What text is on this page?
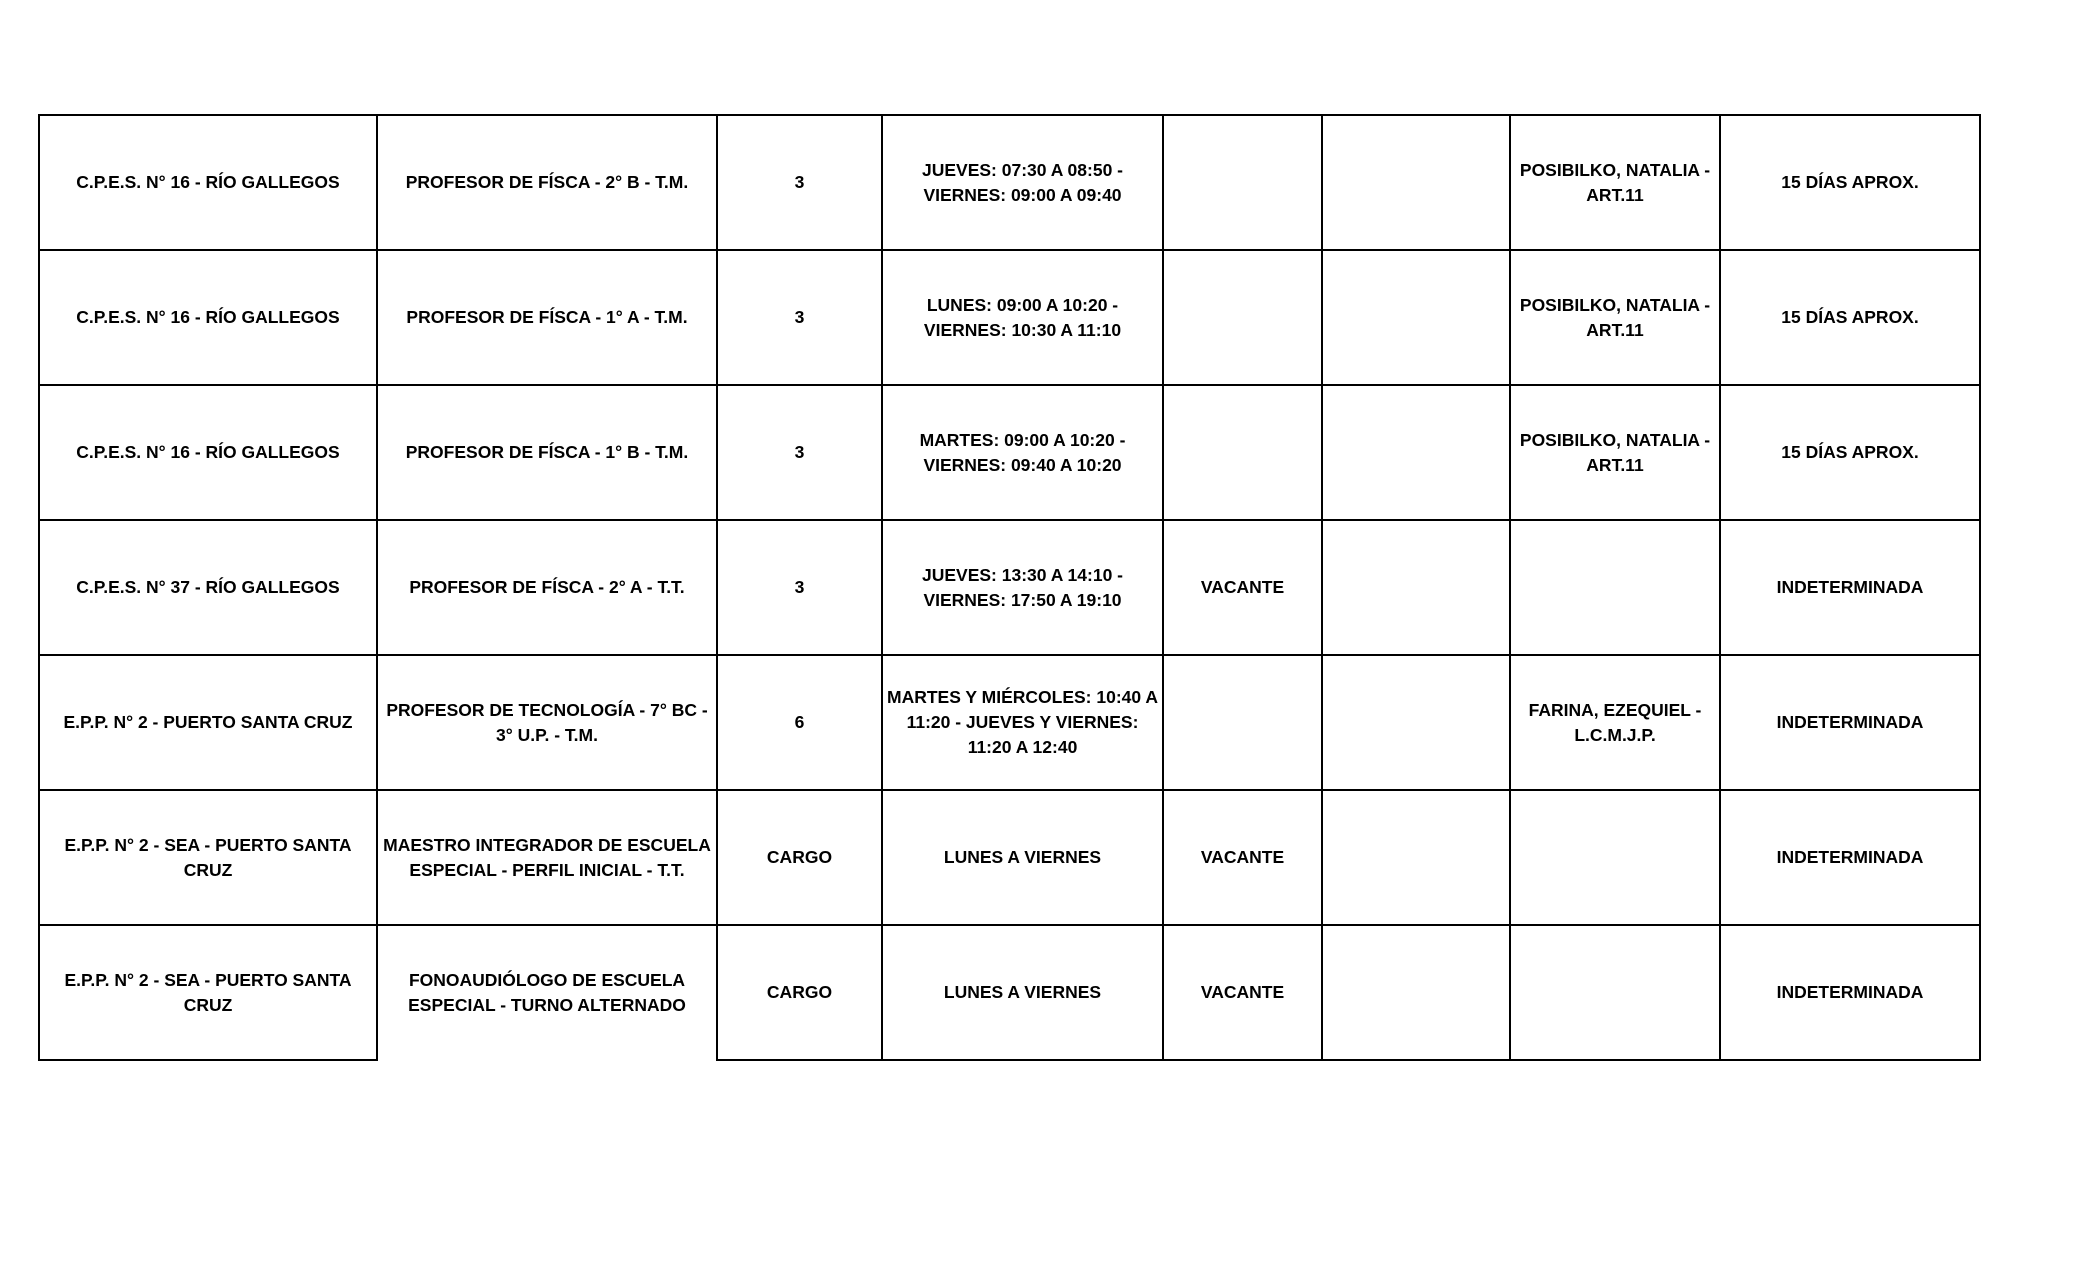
C.P.E.S. N° 16 - RÍO GALLEGOS	PROFESOR DE FÍSCA - 2° B - T.M.	3	JUEVES: 07:30 A 08:50 - VIERNES: 09:00 A 09:40			POSIBILKO, NATALIA - ART.11	15 DÍAS APROX.
C.P.E.S. N° 16 - RÍO GALLEGOS	PROFESOR DE FÍSCA - 1° A - T.M.	3	LUNES: 09:00 A 10:20 - VIERNES: 10:30 A 11:10			POSIBILKO, NATALIA - ART.11	15 DÍAS APROX.
C.P.E.S. N° 16 - RÍO GALLEGOS	PROFESOR DE FÍSCA - 1° B - T.M.	3	MARTES: 09:00 A 10:20 - VIERNES: 09:40 A 10:20			POSIBILKO, NATALIA - ART.11	15 DÍAS APROX.
C.P.E.S. N° 37 - RÍO GALLEGOS	PROFESOR DE FÍSCA - 2° A - T.T.	3	JUEVES: 13:30 A 14:10 - VIERNES: 17:50 A 19:10	VACANTE			INDETERMINADA
E.P.P. N° 2 - PUERTO SANTA CRUZ	PROFESOR DE TECNOLOGÍA - 7° BC - 3° U.P. - T.M.	6	MARTES Y MIÉRCOLES: 10:40 A 11:20 - JUEVES Y VIERNES: 11:20 A 12:40			FARINA, EZEQUIEL - L.C.M.J.P.	INDETERMINADA
E.P.P. N° 2 - SEA - PUERTO SANTA CRUZ	MAESTRO INTEGRADOR DE ESCUELA ESPECIAL - PERFIL INICIAL - T.T.	CARGO	LUNES A VIERNES	VACANTE			INDETERMINADA
E.P.P. N° 2 - SEA - PUERTO SANTA CRUZ	FONOAUDIÓLOGO DE ESCUELA ESPECIAL - TURNO ALTERNADO	CARGO	LUNES A VIERNES	VACANTE			INDETERMINADA
